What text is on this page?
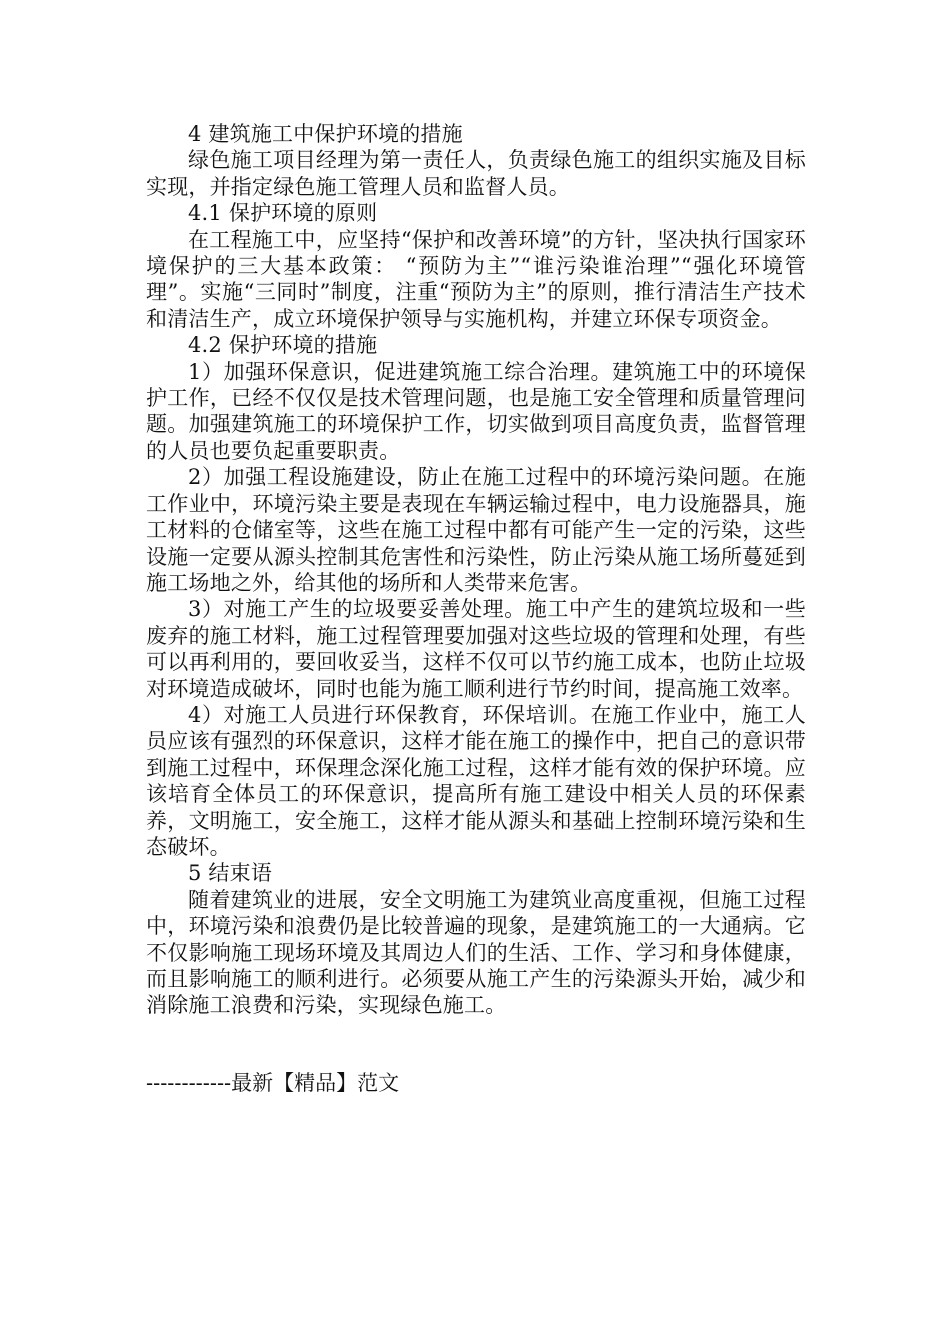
4 建筑施工中保护环境的措施

绿色施工项目经理为第一责任人，负责绿色施工的组织实施及目标实现，并指定绿色施工管理人员和监督人员。

4.1 保护环境的原则

在工程施工中，应坚持“保护和改善环境”的方针，坚决执行国家环境保护的三大基本政策： “预防为主”“谁污染谁治理”“强化环境管理”。实施“三同时”制度，注重“预防为主”的原则，推行清洁生产技术和清洁生产，成立环境保护领导与实施机构，并建立环保专项资金。

4.2 保护环境的措施

1）加强环保意识，促进建筑施工综合治理。建筑施工中的环境保护工作，已经不仅仅是技术管理问题，也是施工安全管理和质量管理问题。加强建筑施工的环境保护工作，切实做到项目高度负责，监督管理的人员也要负起重要职责。

2）加强工程设施建设，防止在施工过程中的环境污染问题。在施工作业中，环境污染主要是表现在车辆运输过程中，电力设施器具，施工材料的仓储室等，这些在施工过程中都有可能产生一定的污染，这些设施一定要从源头控制其危害性和污染性，防止污染从施工场所蔓延到施工场地之外，给其他的场所和人类带来危害。

3）对施工产生的垃圾要妥善处理。施工中产生的建筑垃圾和一些废弃的施工材料，施工过程管理要加强对这些垃圾的管理和处理，有些可以再利用的，要回收妥当，这样不仅可以节约施工成本，也防止垃圾对环境造成破坏，同时也能为施工顺利进行节约时间，提高施工效率。

4）对施工人员进行环保教育，环保培训。在施工作业中，施工人员应该有强烈的环保意识，这样才能在施工的操作中，把自己的意识带到施工过程中，环保理念深化施工过程，这样才能有效的保护环境。应该培育全体员工的环保意识，提高所有施工建设中相关人员的环保素养，文明施工，安全施工，这样才能从源头和基础上控制环境污染和生态破坏。

5 结束语

随着建筑业的进展，安全文明施工为建筑业高度重视，但施工过程中，环境污染和浪费仍是比较普遍的现象，是建筑施工的一大通病。它不仅影响施工现场环境及其周边人们的生活、工作、学习和身体健康，而且影响施工的顺利进行。必须要从施工产生的污染源头开始，减少和消除施工浪费和污染，实现绿色施工。

------------最新【精品】范文
